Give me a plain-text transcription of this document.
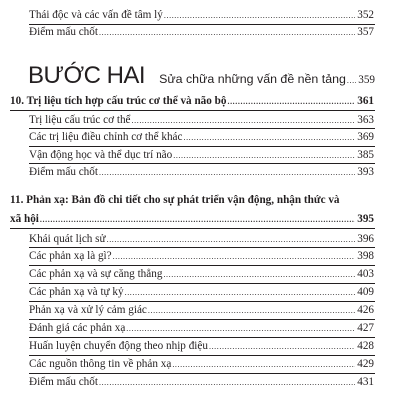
Thái độc và các vấn đề tâm lý .....	352
Điểm mấu chốt .....	357
BƯỚC HAI Sửa chữa những vấn đề nền tảng ..... 359
10. Trị liệu tích hợp cấu trúc cơ thể và não bộ .....	361
Trị liệu cấu trúc cơ thể .....	363
Các trị liệu điều chỉnh cơ thể khác .....	369
Vận động học và thể dục trí não .....	385
Điểm mấu chốt .....	393
11. Phản xạ: Bản đồ chi tiết cho sự phát triển vận động, nhận thức và
xã hội .....	395
Khái quát lịch sử .....	396
Các phản xạ là gì? .....	398
Các phản xạ và sự căng thẳng .....	403
Các phản xạ và tự kỷ .....	409
Phản xạ và xử lý cảm giác .....	426
Đánh giá các phản xạ .....	427
Huấn luyện chuyển động theo nhịp điệu .....	428
Các nguồn thông tin về phản xạ .....	429
Điểm mấu chốt .....	431
